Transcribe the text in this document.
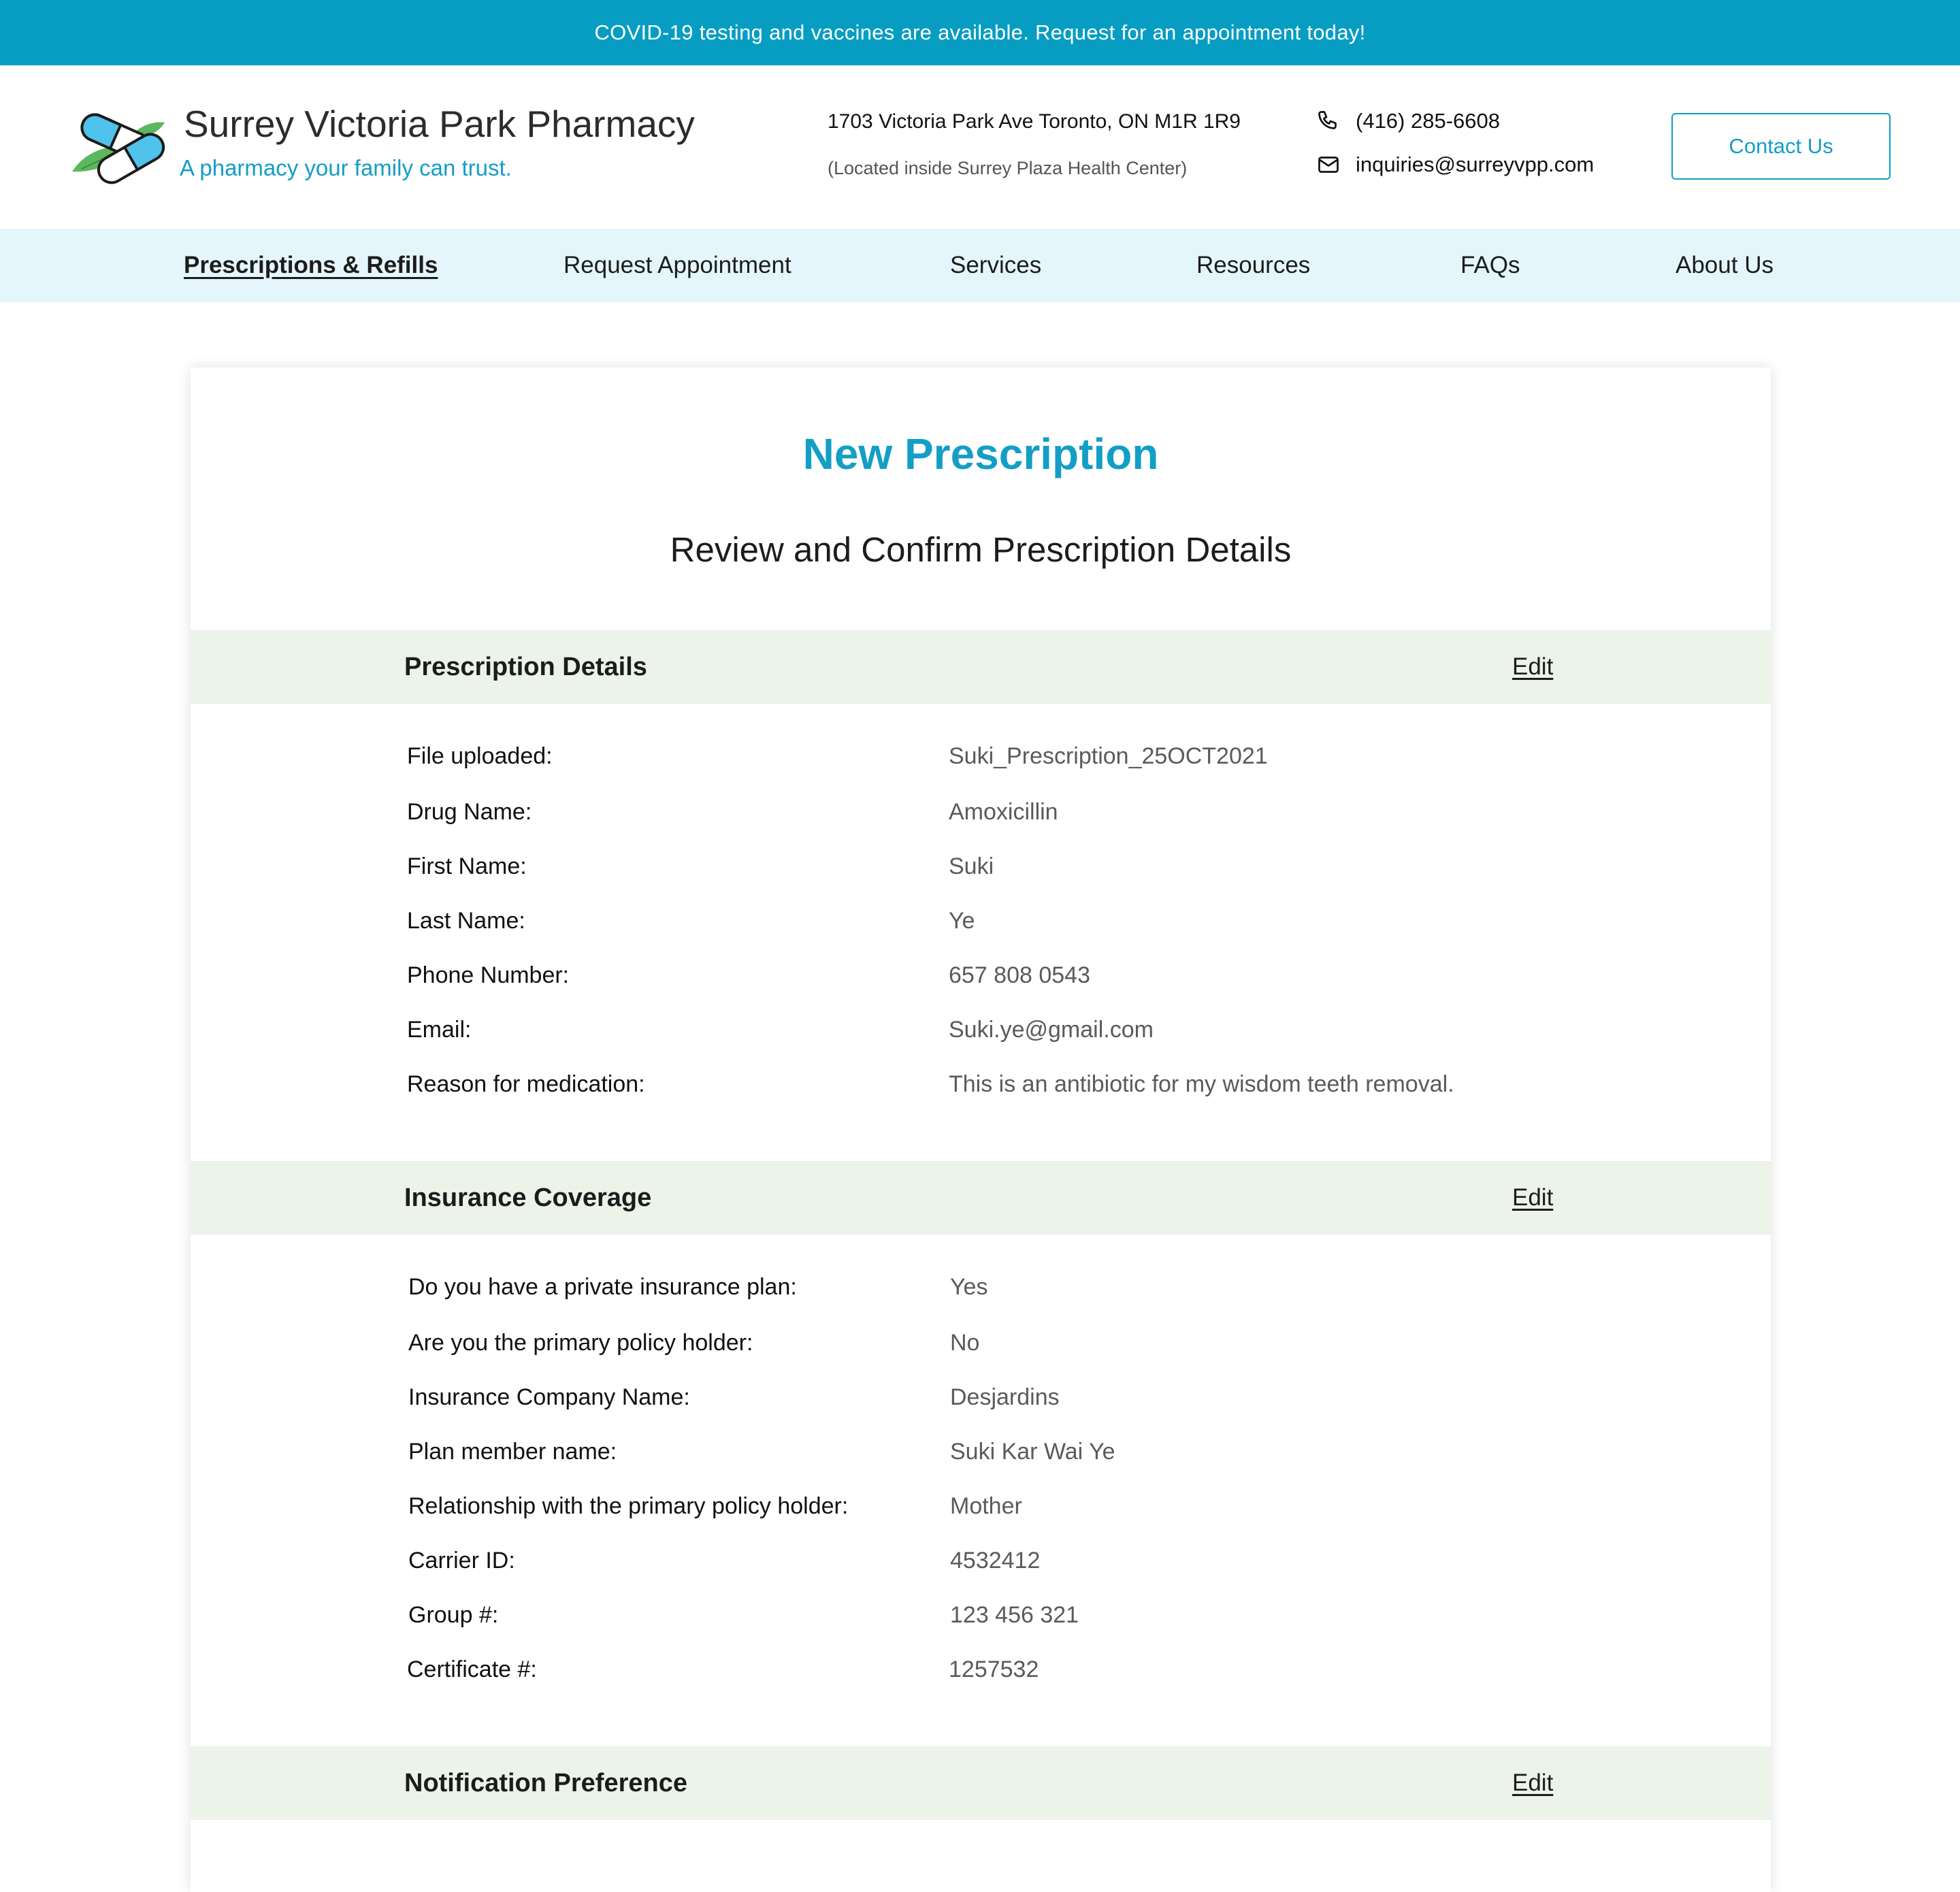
COVID-19 testing and vaccines are available. Request for an appointment today!
Surrey Victoria Park Pharmacy
A pharmacy your family can trust.
1703 Victoria Park Ave Toronto, ON M1R 1R9
(Located inside Surrey Plaza Health Center)
(416) 285-6608
inquiries@surreyvpp.com
Contact Us
Prescriptions & Refills	Request Appointment	Services	Resources	FAQs	About Us
New Prescription
Review and Confirm Prescription Details
Prescription Details	Edit
File uploaded:	Suki_Prescription_25OCT2021
Drug Name:	Amoxicillin
First Name:	Suki
Last Name:	Ye
Phone Number:	657 808 0543
Email:	Suki.ye@gmail.com
Reason for medication:	This is an antibiotic for my wisdom teeth removal.
Insurance Coverage	Edit
Do you have a private insurance plan:	Yes
Are you the primary policy holder:	No
Insurance Company Name:	Desjardins
Plan member name:	Suki Kar Wai Ye
Relationship with the primary policy holder:	Mother
Carrier ID:	4532412
Group #:	123 456 321
Certificate #:	1257532
Notification Preference	Edit
